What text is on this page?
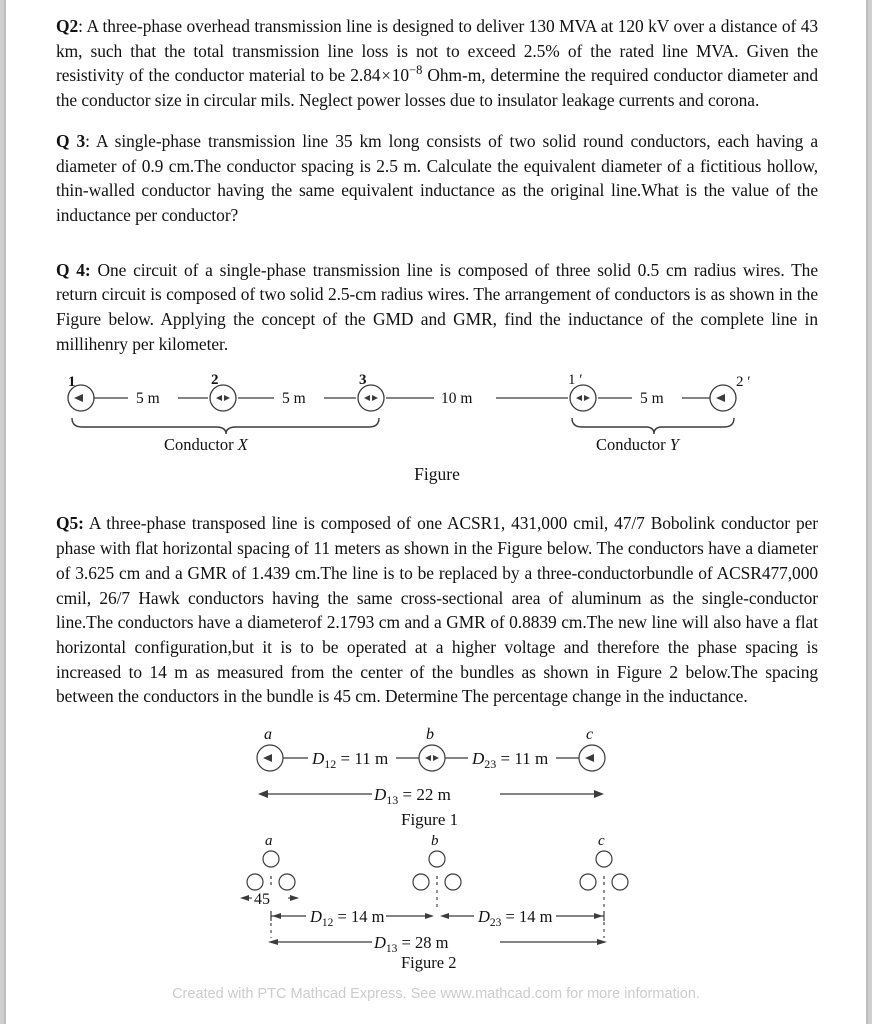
Q2: A three-phase overhead transmission line is designed to deliver 130 MVA at 120 kV over a distance of 43 km, such that the total transmission line loss is not to exceed 2.5% of the rated line MVA. Given the resistivity of the conductor material to be $2.84\times 10^{-8}$ Ohm-m, determine the required conductor diameter and the conductor size in circular mils. Neglect power losses due to insulator leakage currents and corona.

Q 3: A single-phase transmission line 35 km long consists of two solid round conductors, each having a diameter of 0.9 cm.The conductor spacing is 2.5 m. Calculate the equivalent diameter of a fictitious hollow, thin-walled conductor having the same equivalent inductance as the original line.What is the value of the inductance per conductor?

Q 4: One circuit of a single-phase transmission line is composed of three solid 0.5 cm radius wires. The return circuit is composed of two solid 2.5-cm radius wires. The arrangement of conductors is as shown in the Figure below. Applying the concept of the GMD and GMR, find the inductance of the complete line in millihenry per kilometer.

1	2	3	1 ′	2 ′
5 m	5 m	10 m	5 m
Conductor X	Conductor Y
Figure

Q5: A three-phase transposed line is composed of one ACSR1, 431,000 cmil, 47/7 Bobolink conductor per phase with flat horizontal spacing of 11 meters as shown in the Figure below. The conductors have a diameter of 3.625 cm and a GMR of 1.439 cm.The line is to be replaced by a three-conductorbundle of ACSR477,000 cmil, 26/7 Hawk conductors having the same cross-sectional area of aluminum as the single-conductor line.The conductors have a diameterof 2.1793 cm and a GMR of 0.8839 cm.The new line will also have a flat horizontal configuration,but it is to be operated at a higher voltage and therefore the phase spacing is increased to 14 m as measured from the center of the bundles as shown in Figure 2 below.The spacing between the conductors in the bundle is 45 cm. Determine The percentage change in the inductance.

a	b	c
$D_{12} = 11$ m	$D_{23} = 11$ m
$D_{13} = 22$ m
Figure 1
a	b	c
45
$D_{12} = 14$ m	$D_{23} = 14$ m
$D_{13} = 28$ m
Figure 2
Created with PTC Mathcad Express. See www.mathcad.com for more information.
